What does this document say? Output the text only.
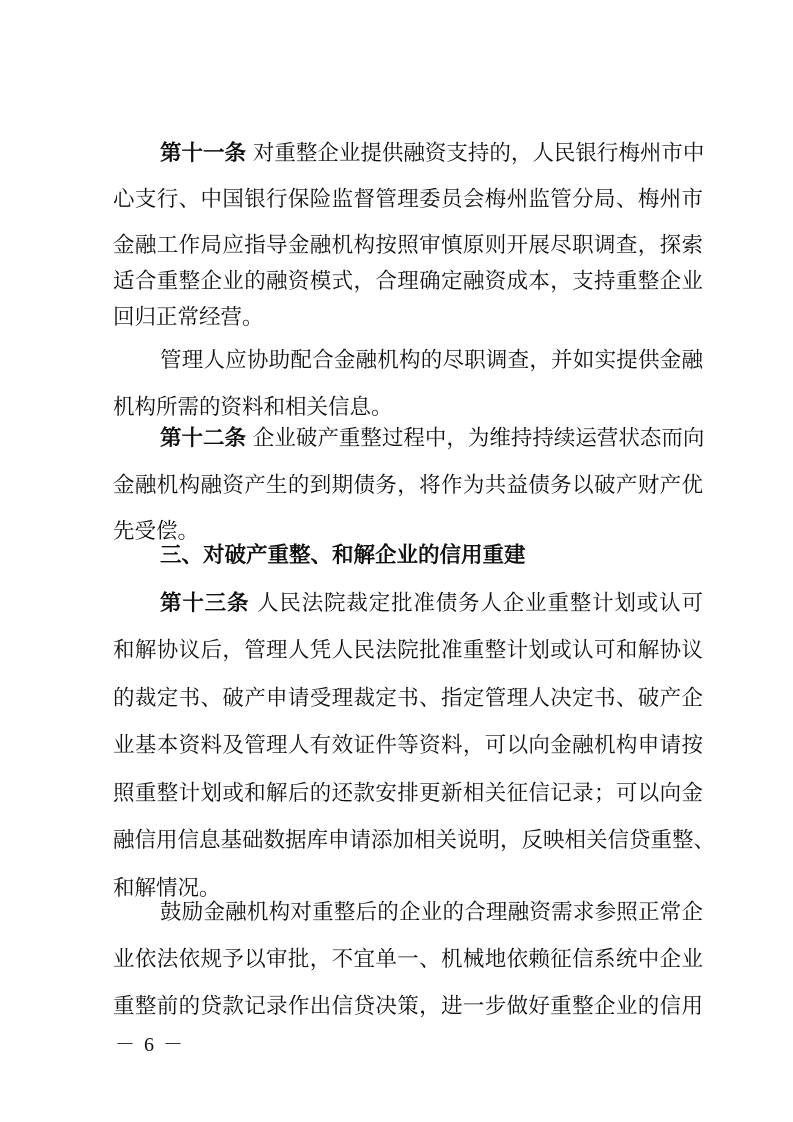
第十一条 对重整企业提供融资支持的，人民银行梅州市中
心支行、中国银行保险监督管理委员会梅州监管分局、梅州市
金融工作局应指导金融机构按照审慎原则开展尽职调查，探索
适合重整企业的融资模式，合理确定融资成本，支持重整企业
回归正常经营。
管理人应协助配合金融机构的尽职调查，并如实提供金融
机构所需的资料和相关信息。
第十二条 企业破产重整过程中，为维持持续运营状态而向
金融机构融资产生的到期债务，将作为共益债务以破产财产优
先受偿。
三、对破产重整、和解企业的信用重建
第十三条 人民法院裁定批准债务人企业重整计划或认可
和解协议后，管理人凭人民法院批准重整计划或认可和解协议
的裁定书、破产申请受理裁定书、指定管理人决定书、破产企
业基本资料及管理人有效证件等资料，可以向金融机构申请按
照重整计划或和解后的还款安排更新相关征信记录；可以向金
融信用信息基础数据库申请添加相关说明，反映相关信贷重整、
和解情况。
鼓励金融机构对重整后的企业的合理融资需求参照正常企
业依法依规予以审批，不宜单一、机械地依赖征信系统中企业
重整前的贷款记录作出信贷决策，进一步做好重整企业的信用
－ 6 －
